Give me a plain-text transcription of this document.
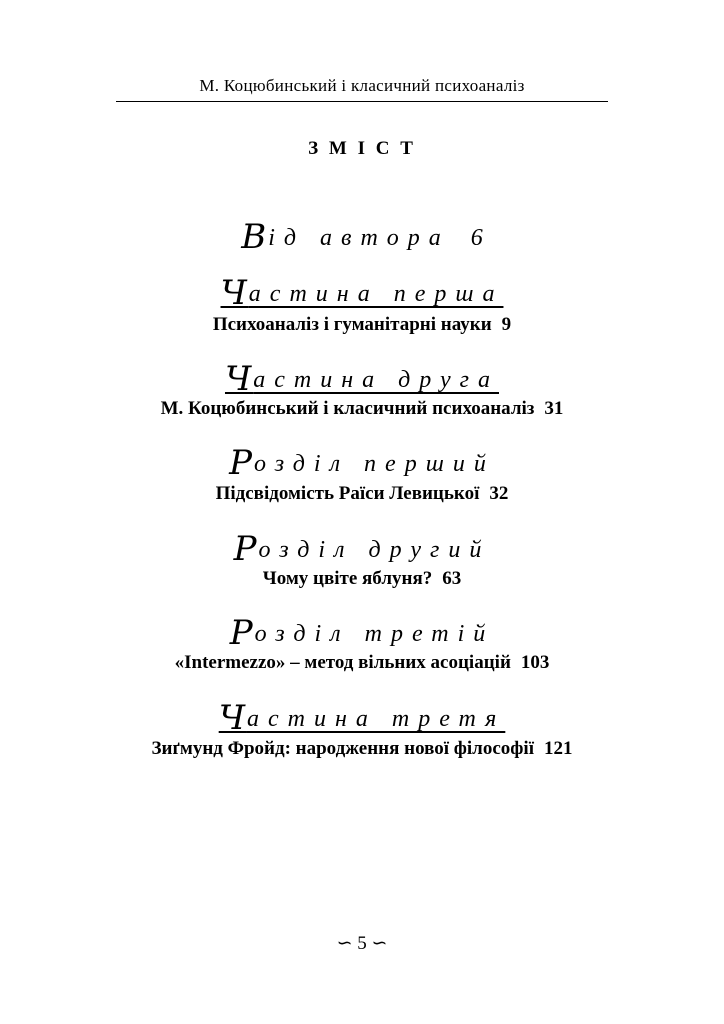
М. Коцюбинський і класичний психоаналіз
З М І С Т
Від автора 6
Частина перша
Психоаналіз і гуманітарні науки 9
Частина друга
М. Коцюбинський і класичний психоаналіз 31
Розділ перший
Підсвідомість Раїси Левицької 32
Розділ другий
Чому цвіте яблуня? 63
Розділ третій
«Intermezzo» – метод вільних асоціацій 103
Частина третя
Зиґмунд Фройд: народження нової філософії 121
∽ 5 ∽
